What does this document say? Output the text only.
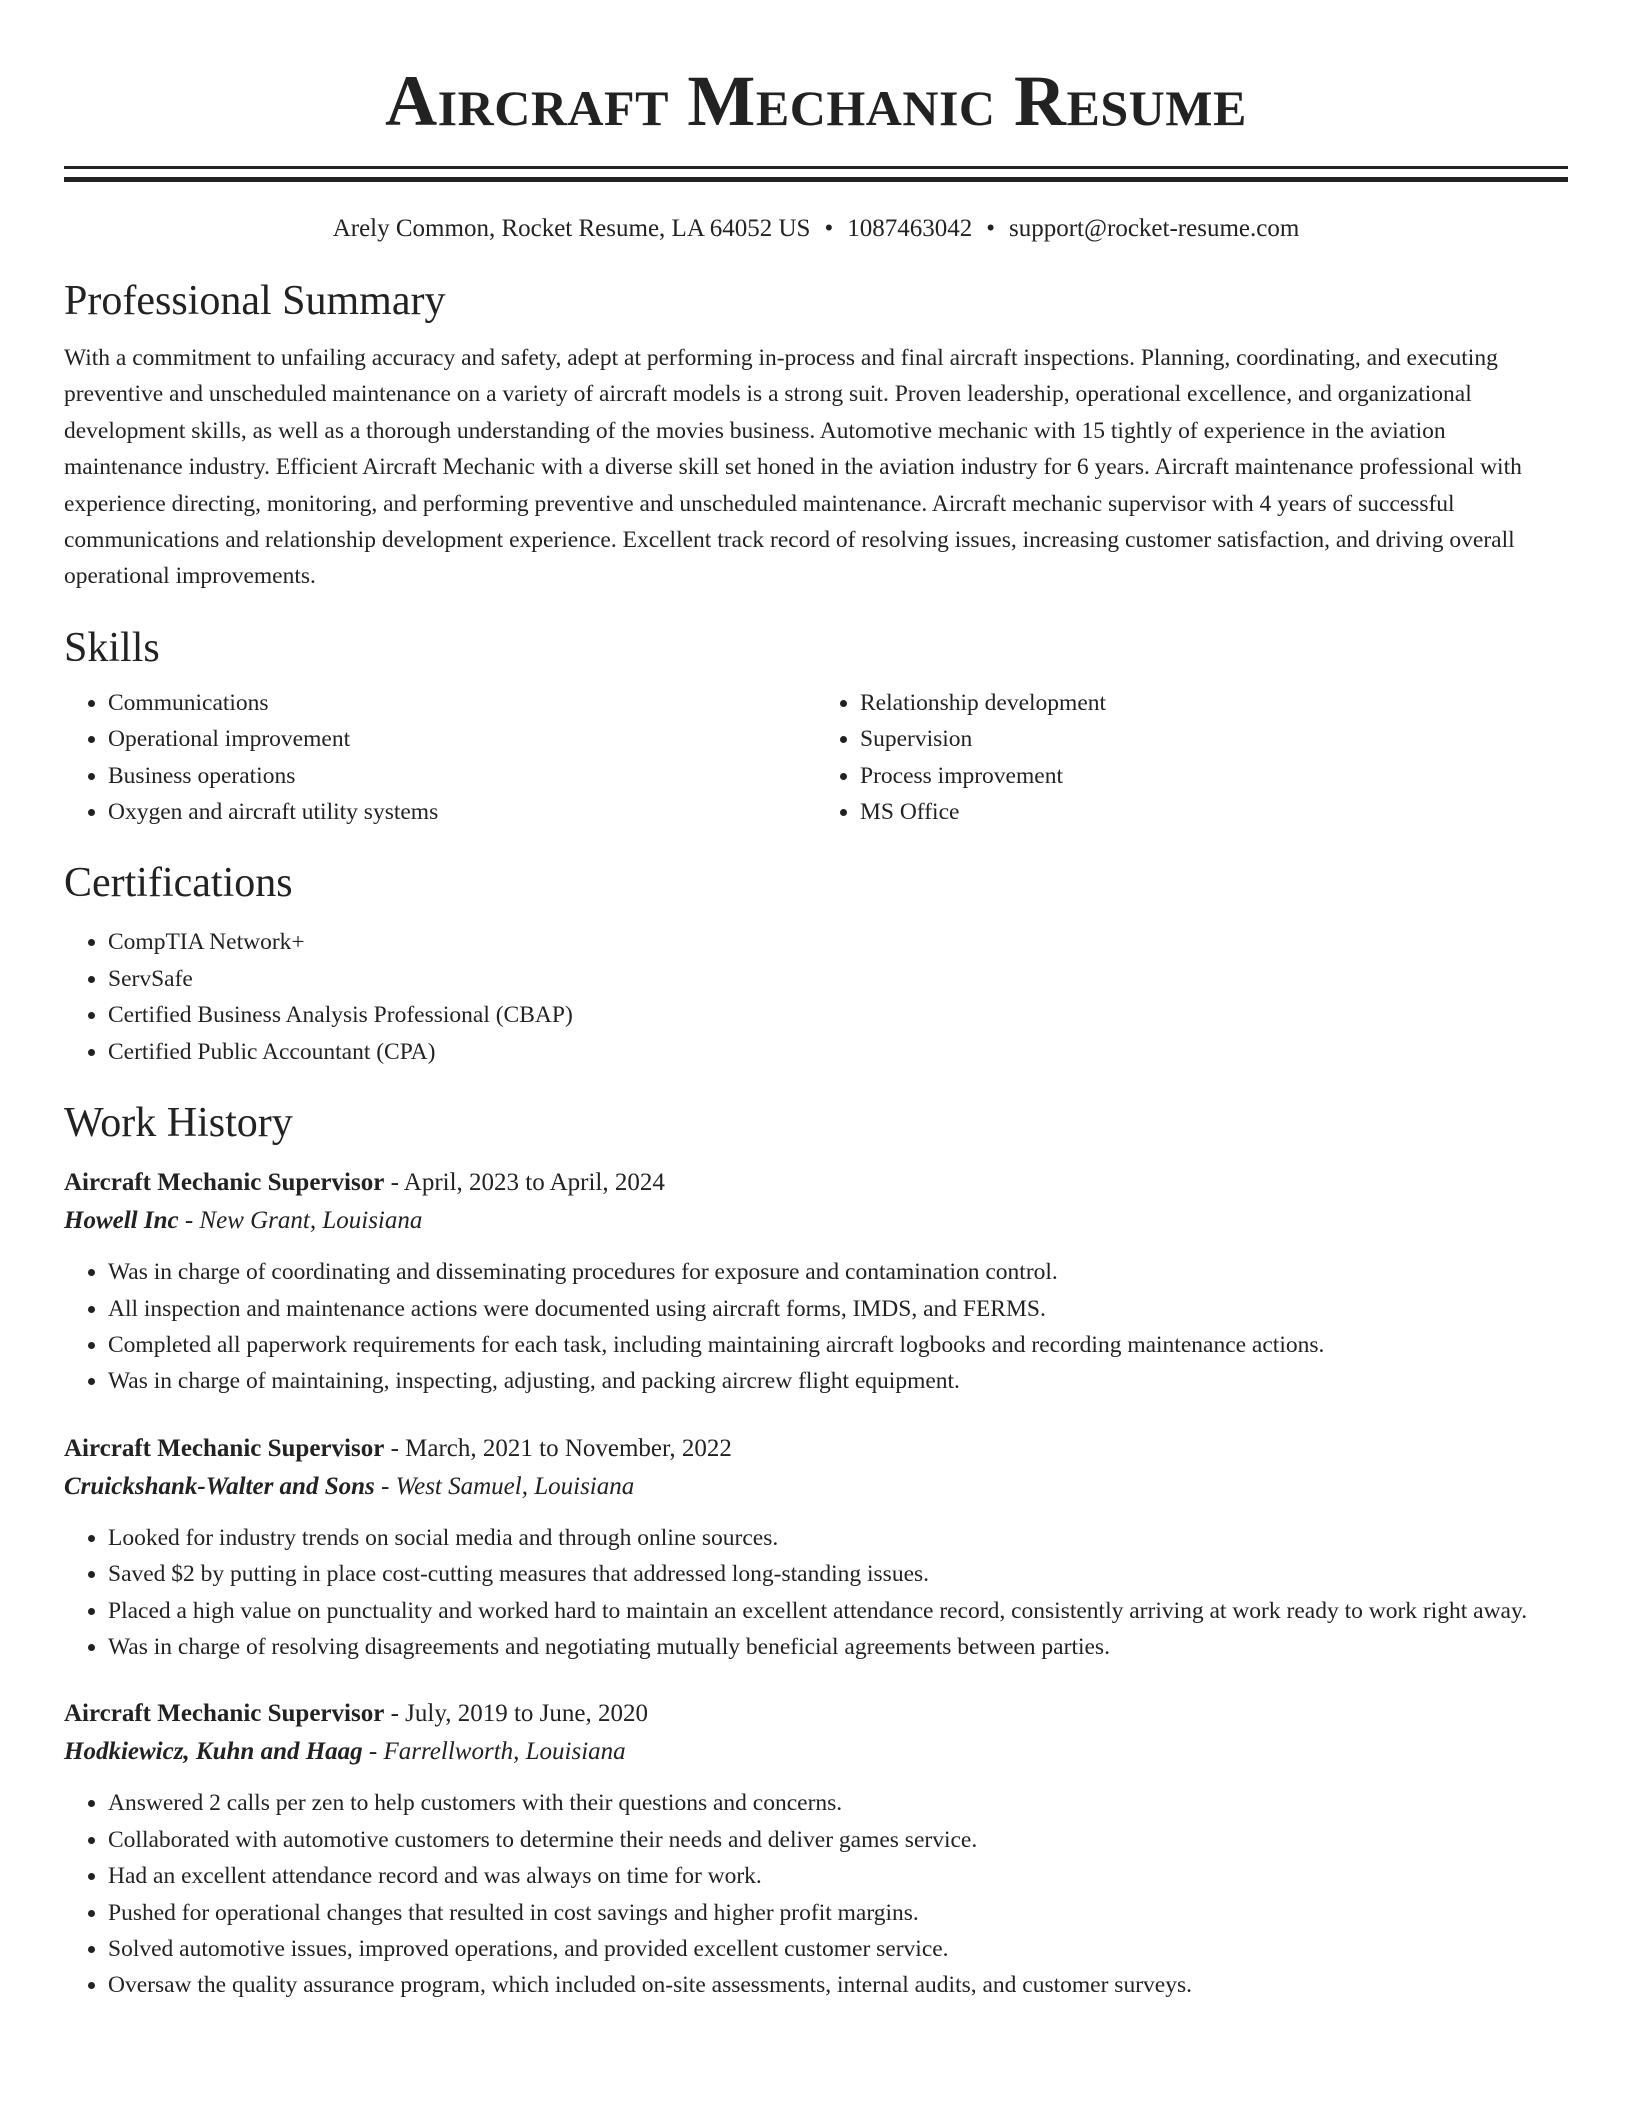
Aircraft Mechanic Resume
Arely Common, Rocket Resume, LA 64052 US • 1087463042 • support@rocket-resume.com
Professional Summary

With a commitment to unfailing accuracy and safety, adept at performing in-process and final aircraft inspections. Planning, coordinating, and executing preventive and unscheduled maintenance on a variety of aircraft models is a strong suit. Proven leadership, operational excellence, and organizational development skills, as well as a thorough understanding of the movies business. Automotive mechanic with 15 tightly of experience in the aviation maintenance industry. Efficient Aircraft Mechanic with a diverse skill set honed in the aviation industry for 6 years. Aircraft maintenance professional with experience directing, monitoring, and performing preventive and unscheduled maintenance. Aircraft mechanic supervisor with 4 years of successful communications and relationship development experience. Excellent track record of resolving issues, increasing customer satisfaction, and driving overall operational improvements.

Skills
• Communications
• Operational improvement
• Business operations
• Oxygen and aircraft utility systems
• Relationship development
• Supervision
• Process improvement
• MS Office
Certifications
• CompTIA Network+
• ServSafe
• Certified Business Analysis Professional (CBAP)
• Certified Public Accountant (CPA)
Work History
Aircraft Mechanic Supervisor - April, 2023 to April, 2024
Howell Inc - New Grant, Louisiana
• Was in charge of coordinating and disseminating procedures for exposure and contamination control.
• All inspection and maintenance actions were documented using aircraft forms, IMDS, and FERMS.
• Completed all paperwork requirements for each task, including maintaining aircraft logbooks and recording maintenance actions.
• Was in charge of maintaining, inspecting, adjusting, and packing aircrew flight equipment.
Aircraft Mechanic Supervisor - March, 2021 to November, 2022
Cruickshank-Walter and Sons - West Samuel, Louisiana
• Looked for industry trends on social media and through online sources.
• Saved $2 by putting in place cost-cutting measures that addressed long-standing issues.
• Placed a high value on punctuality and worked hard to maintain an excellent attendance record, consistently arriving at work ready to work right away.
• Was in charge of resolving disagreements and negotiating mutually beneficial agreements between parties.
Aircraft Mechanic Supervisor - July, 2019 to June, 2020
Hodkiewicz, Kuhn and Haag - Farrellworth, Louisiana
• Answered 2 calls per zen to help customers with their questions and concerns.
• Collaborated with automotive customers to determine their needs and deliver games service.
• Had an excellent attendance record and was always on time for work.
• Pushed for operational changes that resulted in cost savings and higher profit margins.
• Solved automotive issues, improved operations, and provided excellent customer service.
• Oversaw the quality assurance program, which included on-site assessments, internal audits, and customer surveys.
